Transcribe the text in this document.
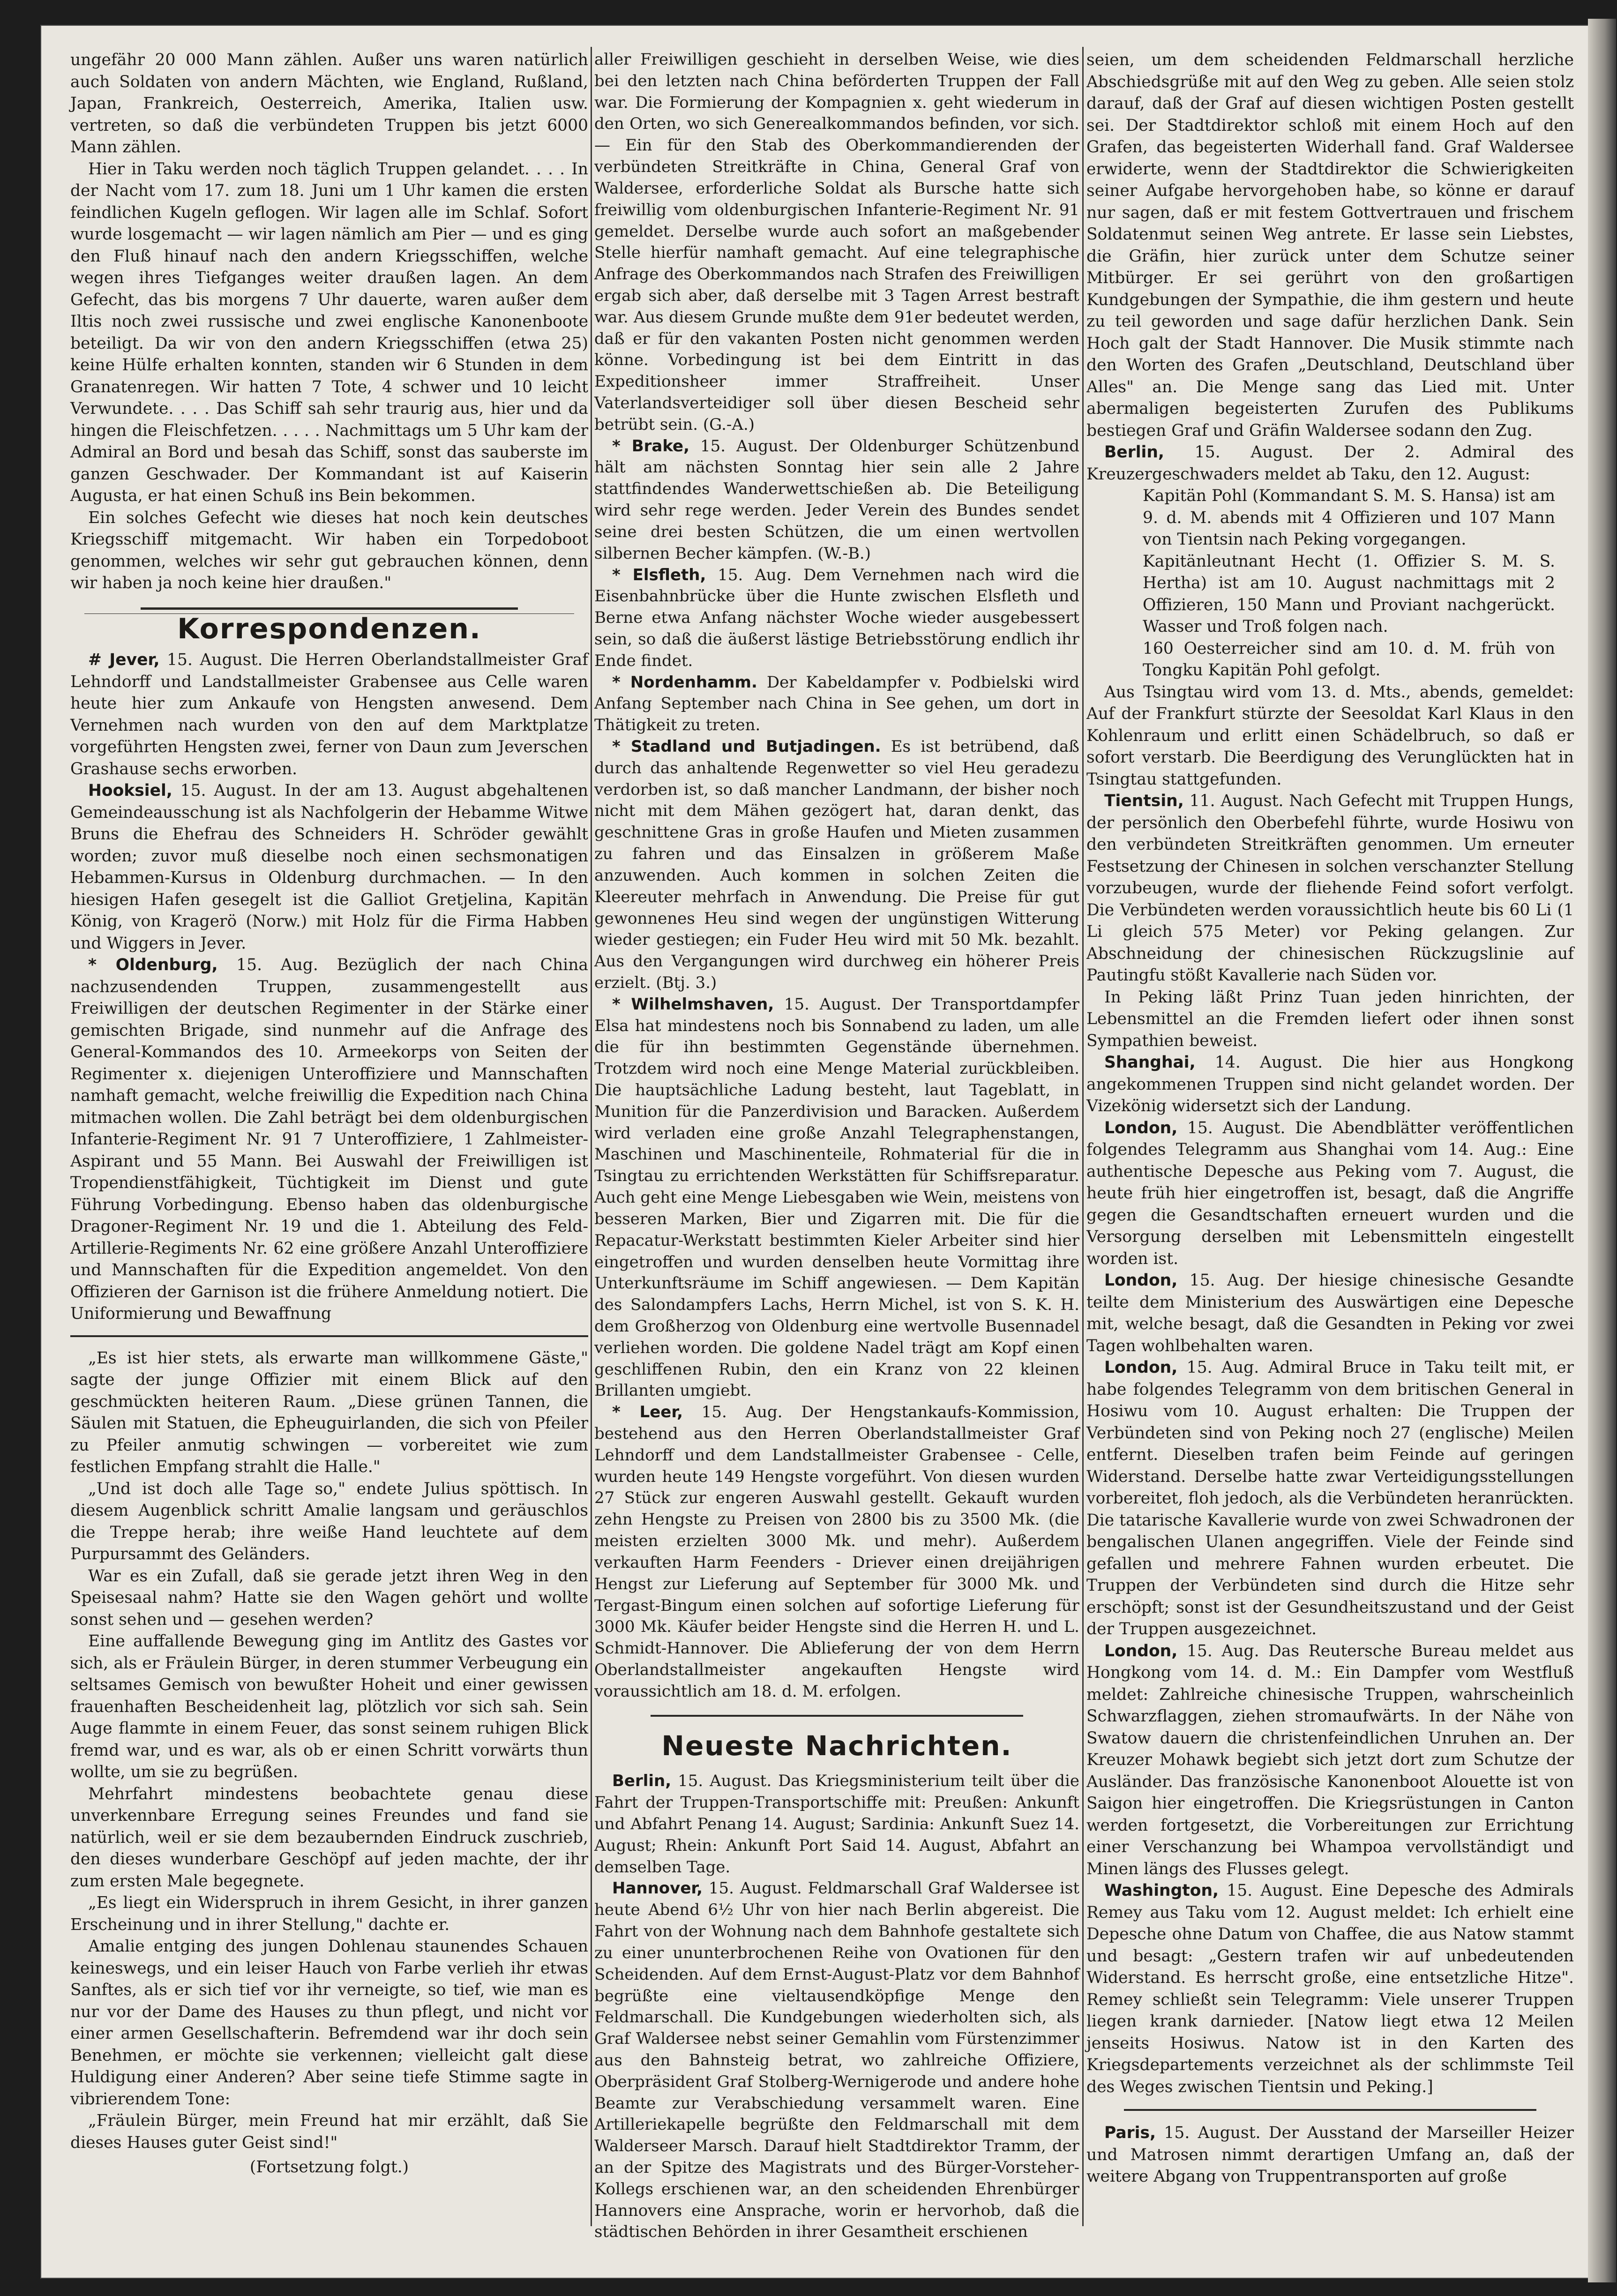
ungefähr 20 000 Mann zählen. Außer uns waren natürlich auch Soldaten von andern Mächten, wie England, Rußland, Japan, Frankreich, Oesterreich, Amerika, Italien usw. vertreten, so daß die verbündeten Truppen bis jetzt 6000 Mann zählen.

Hier in Taku werden noch täglich Truppen gelandet. . . . In der Nacht vom 17. zum 18. Juni um 1 Uhr kamen die ersten feindlichen Kugeln geflogen. Wir lagen alle im Schlaf. Sofort wurde losgemacht — wir lagen nämlich am Pier — und es ging den Fluß hinauf nach den andern Kriegsschiffen, welche wegen ihres Tiefganges weiter draußen lagen. An dem Gefecht, das bis morgens 7 Uhr dauerte, waren außer dem Iltis noch zwei russische und zwei englische Kanonenboote beteiligt. Da wir von den andern Kriegsschiffen (etwa 25) keine Hülfe erhalten konnten, standen wir 6 Stunden in dem Granatenregen. Wir hatten 7 Tote, 4 schwer und 10 leicht Verwundete. . . . Das Schiff sah sehr traurig aus, hier und da hingen die Fleischfetzen. . . . . Nachmittags um 5 Uhr kam der Admiral an Bord und besah das Schiff, sonst das sauberste im ganzen Geschwader. Der Kommandant ist auf Kaiserin Augusta, er hat einen Schuß ins Bein bekommen.

Ein solches Gefecht wie dieses hat noch kein deutsches Kriegsschiff mitgemacht. Wir haben ein Torpedoboot genommen, welches wir sehr gut gebrauchen können, denn wir haben ja noch keine hier draußen."

Korrespondenzen.

# Jever, 15. August. Die Herren Oberlandstallmeister Graf Lehndorff und Landstallmeister Grabensee aus Celle waren heute hier zum Ankaufe von Hengsten anwesend. Dem Vernehmen nach wurden von den auf dem Marktplatze vorgeführten Hengsten zwei, ferner von Daun zum Jeverschen Grashause sechs erworben.

Hooksiel, 15. August. In der am 13. August abgehaltenen Gemeindeausschung ist als Nachfolgerin der Hebamme Witwe Bruns die Ehefrau des Schneiders H. Schröder gewählt worden; zuvor muß dieselbe noch einen sechsmonatigen Hebammen-Kursus in Oldenburg durchmachen. — In den hiesigen Hafen gesegelt ist die Galliot Gretjelina, Kapitän König, von Kragerö (Norw.) mit Holz für die Firma Habben und Wiggers in Jever.

* Oldenburg, 15. Aug. Bezüglich der nach China nachzusendenden Truppen, zusammengestellt aus Freiwilligen der deutschen Regimenter in der Stärke einer gemischten Brigade, sind nunmehr auf die Anfrage des General-Kommandos des 10. Armeekorps von Seiten der Regimenter x. diejenigen Unteroffiziere und Mannschaften namhaft gemacht, welche freiwillig die Expedition nach China mitmachen wollen. Die Zahl beträgt bei dem oldenburgischen Infanterie-Regiment Nr. 91 7 Unteroffiziere, 1 Zahlmeister-Aspirant und 55 Mann. Bei Auswahl der Freiwilligen ist Tropendienstfähigkeit, Tüchtigkeit im Dienst und gute Führung Vorbedingung. Ebenso haben das oldenburgische Dragoner-Regiment Nr. 19 und die 1. Abteilung des Feld-Artillerie-Regiments Nr. 62 eine größere Anzahl Unteroffiziere und Mannschaften für die Expedition angemeldet. Von den Offizieren der Garnison ist die frühere Anmeldung notiert. Die Uniformierung und Bewaffnung

„Es ist hier stets, als erwarte man willkommene Gäste," sagte der junge Offizier mit einem Blick auf den geschmückten heiteren Raum. „Diese grünen Tannen, die Säulen mit Statuen, die Epheuguirlanden, die sich von Pfeiler zu Pfeiler anmutig schwingen — vorbereitet wie zum festlichen Empfang strahlt die Halle."

„Und ist doch alle Tage so," endete Julius spöttisch. In diesem Augenblick schritt Amalie langsam und geräuschlos die Treppe herab; ihre weiße Hand leuchtete auf dem Purpursammt des Geländers.

War es ein Zufall, daß sie gerade jetzt ihren Weg in den Speisesaal nahm? Hatte sie den Wagen gehört und wollte sonst sehen und — gesehen werden?

Eine auffallende Bewegung ging im Antlitz des Gastes vor sich, als er Fräulein Bürger, in deren stummer Verbeugung ein seltsames Gemisch von bewußter Hoheit und einer gewissen frauenhaften Bescheidenheit lag, plötzlich vor sich sah. Sein Auge flammte in einem Feuer, das sonst seinem ruhigen Blick fremd war, und es war, als ob er einen Schritt vorwärts thun wollte, um sie zu begrüßen.

Mehrfahrt mindestens beobachtete genau diese unverkennbare Erregung seines Freundes und fand sie natürlich, weil er sie dem bezaubernden Eindruck zuschrieb, den dieses wunderbare Geschöpf auf jeden machte, der ihr zum ersten Male begegnete.

„Es liegt ein Widerspruch in ihrem Gesicht, in ihrer ganzen Erscheinung und in ihrer Stellung," dachte er.

Amalie entging des jungen Dohlenau staunendes Schauen keineswegs, und ein leiser Hauch von Farbe verlieh ihr etwas Sanftes, als er sich tief vor ihr verneigte, so tief, wie man es nur vor der Dame des Hauses zu thun pflegt, und nicht vor einer armen Gesellschafterin. Befremdend war ihr doch sein Benehmen, er möchte sie verkennen; vielleicht galt diese Huldigung einer Anderen? Aber seine tiefe Stimme sagte in vibrierendem Tone:

„Fräulein Bürger, mein Freund hat mir erzählt, daß Sie dieses Hauses guter Geist sind!"

(Fortsetzung folgt.)

aller Freiwilligen geschieht in derselben Weise, wie dies bei den letzten nach China beförderten Truppen der Fall war. Die Formierung der Kompagnien x. geht wiederum in den Orten, wo sich Generealkommandos befinden, vor sich. — Ein für den Stab des Oberkommandierenden der verbündeten Streitkräfte in China, General Graf von Waldersee, erforderliche Soldat als Bursche hatte sich freiwillig vom oldenburgischen Infanterie-Regiment Nr. 91 gemeldet. Derselbe wurde auch sofort an maßgebender Stelle hierfür namhaft gemacht. Auf eine telegraphische Anfrage des Oberkommandos nach Strafen des Freiwilligen ergab sich aber, daß derselbe mit 3 Tagen Arrest bestraft war. Aus diesem Grunde mußte dem 91er bedeutet werden, daß er für den vakanten Posten nicht genommen werden könne. Vorbedingung ist bei dem Eintritt in das Expeditionsheer immer Straffreiheit. Unser Vaterlandsverteidiger soll über diesen Bescheid sehr betrübt sein. (G.-A.)

* Brake, 15. August. Der Oldenburger Schützenbund hält am nächsten Sonntag hier sein alle 2 Jahre stattfindendes Wanderwettschießen ab. Die Beteiligung wird sehr rege werden. Jeder Verein des Bundes sendet seine drei besten Schützen, die um einen wertvollen silbernen Becher kämpfen. (W.-B.)

* Elsfleth, 15. Aug. Dem Vernehmen nach wird die Eisenbahnbrücke über die Hunte zwischen Elsfleth und Berne etwa Anfang nächster Woche wieder ausgebessert sein, so daß die äußerst lästige Betriebsstörung endlich ihr Ende findet.

* Nordenhamm. Der Kabeldampfer v. Podbielski wird Anfang September nach China in See gehen, um dort in Thätigkeit zu treten.

* Stadland und Butjadingen. Es ist betrübend, daß durch das anhaltende Regenwetter so viel Heu geradezu verdorben ist, so daß mancher Landmann, der bisher noch nicht mit dem Mähen gezögert hat, daran denkt, das geschnittene Gras in große Haufen und Mieten zusammen zu fahren und das Einsalzen in größerem Maße anzuwenden. Auch kommen in solchen Zeiten die Kleereuter mehrfach in Anwendung. Die Preise für gut gewonnenes Heu sind wegen der ungünstigen Witterung wieder gestiegen; ein Fuder Heu wird mit 50 Mk. bezahlt. Aus den Vergangungen wird durchweg ein höherer Preis erzielt. (Btj. 3.)

* Wilhelmshaven, 15. August. Der Transportdampfer Elsa hat mindestens noch bis Sonnabend zu laden, um alle die für ihn bestimmten Gegenstände übernehmen. Trotzdem wird noch eine Menge Material zurückbleiben. Die hauptsächliche Ladung besteht, laut Tageblatt, in Munition für die Panzerdivision und Baracken. Außerdem wird verladen eine große Anzahl Telegraphenstangen, Maschinen und Maschinenteile, Rohmaterial für die in Tsingtau zu errichtenden Werkstätten für Schiffsreparatur. Auch geht eine Menge Liebesgaben wie Wein, meistens von besseren Marken, Bier und Zigarren mit. Die für die Repacatur-Werkstatt bestimmten Kieler Arbeiter sind hier eingetroffen und wurden denselben heute Vormittag ihre Unterkunftsräume im Schiff angewiesen. — Dem Kapitän des Salondampfers Lachs, Herrn Michel, ist von S. K. H. dem Großherzog von Oldenburg eine wertvolle Busennadel verliehen worden. Die goldene Nadel trägt am Kopf einen geschliffenen Rubin, den ein Kranz von 22 kleinen Brillanten umgiebt.

* Leer, 15. Aug. Der Hengstankaufs-Kommission, bestehend aus den Herren Oberlandstallmeister Graf Lehndorff und dem Landstallmeister Grabensee - Celle, wurden heute 149 Hengste vorgeführt. Von diesen wurden 27 Stück zur engeren Auswahl gestellt. Gekauft wurden zehn Hengste zu Preisen von 2800 bis zu 3500 Mk. (die meisten erzielten 3000 Mk. und mehr). Außerdem verkauften Harm Feenders - Driever einen dreijährigen Hengst zur Lieferung auf September für 3000 Mk. und Tergast-Bingum einen solchen auf sofortige Lieferung für 3000 Mk. Käufer beider Hengste sind die Herren H. und L. Schmidt-Hannover. Die Ablieferung der von dem Herrn Oberlandstallmeister angekauften Hengste wird voraussichtlich am 18. d. M. erfolgen.

Neueste Nachrichten.

Berlin, 15. August. Das Kriegsministerium teilt über die Fahrt der Truppen-Transportschiffe mit: Preußen: Ankunft und Abfahrt Penang 14. August; Sardinia: Ankunft Suez 14. August; Rhein: Ankunft Port Said 14. August, Abfahrt an demselben Tage.

Hannover, 15. August. Feldmarschall Graf Waldersee ist heute Abend 6½ Uhr von hier nach Berlin abgereist. Die Fahrt von der Wohnung nach dem Bahnhofe gestaltete sich zu einer ununterbrochenen Reihe von Ovationen für den Scheidenden. Auf dem Ernst-August-Platz vor dem Bahnhof begrüßte eine vieltausendköpfige Menge den Feldmarschall. Die Kundgebungen wiederholten sich, als Graf Waldersee nebst seiner Gemahlin vom Fürstenzimmer aus den Bahnsteig betrat, wo zahlreiche Offiziere, Oberpräsident Graf Stolberg-Wernigerode und andere hohe Beamte zur Verabschiedung versammelt waren. Eine Artilleriekapelle begrüßte den Feldmarschall mit dem Walderseer Marsch. Darauf hielt Stadtdirektor Tramm, der an der Spitze des Magistrats und des Bürger-Vorsteher-Kollegs erschienen war, an den scheidenden Ehrenbürger Hannovers eine Ansprache, worin er hervorhob, daß die städtischen Behörden in ihrer Gesamtheit erschienen

seien, um dem scheidenden Feldmarschall herzliche Abschiedsgrüße mit auf den Weg zu geben. Alle seien stolz darauf, daß der Graf auf diesen wichtigen Posten gestellt sei. Der Stadtdirektor schloß mit einem Hoch auf den Grafen, das begeisterten Widerhall fand. Graf Waldersee erwiderte, wenn der Stadtdirektor die Schwierigkeiten seiner Aufgabe hervorgehoben habe, so könne er darauf nur sagen, daß er mit festem Gottvertrauen und frischem Soldatenmut seinen Weg antrete. Er lasse sein Liebstes, die Gräfin, hier zurück unter dem Schutze seiner Mitbürger. Er sei gerührt von den großartigen Kundgebungen der Sympathie, die ihm gestern und heute zu teil geworden und sage dafür herzlichen Dank. Sein Hoch galt der Stadt Hannover. Die Musik stimmte nach den Worten des Grafen „Deutschland, Deutschland über Alles" an. Die Menge sang das Lied mit. Unter abermaligen begeisterten Zurufen des Publikums bestiegen Graf und Gräfin Waldersee sodann den Zug.

Berlin, 15. August. Der 2. Admiral des Kreuzergeschwaders meldet ab Taku, den 12. August:

Kapitän Pohl (Kommandant S. M. S. Hansa) ist am 9. d. M. abends mit 4 Offizieren und 107 Mann von Tientsin nach Peking vorgegangen.

Kapitänleutnant Hecht (1. Offizier S. M. S. Hertha) ist am 10. August nachmittags mit 2 Offizieren, 150 Mann und Proviant nachgerückt. Wasser und Troß folgen nach.

160 Oesterreicher sind am 10. d. M. früh von Tongku Kapitän Pohl gefolgt.

Aus Tsingtau wird vom 13. d. Mts., abends, gemeldet: Auf der Frankfurt stürzte der Seesoldat Karl Klaus in den Kohlenraum und erlitt einen Schädelbruch, so daß er sofort verstarb. Die Beerdigung des Verunglückten hat in Tsingtau stattgefunden.

Tientsin, 11. August. Nach Gefecht mit Truppen Hungs, der persönlich den Oberbefehl führte, wurde Hosiwu von den verbündeten Streitkräften genommen. Um erneuter Festsetzung der Chinesen in solchen verschanzter Stellung vorzubeugen, wurde der fliehende Feind sofort verfolgt. Die Verbündeten werden voraussichtlich heute bis 60 Li (1 Li gleich 575 Meter) vor Peking gelangen. Zur Abschneidung der chinesischen Rückzugslinie auf Pautingfu stößt Kavallerie nach Süden vor.

In Peking läßt Prinz Tuan jeden hinrichten, der Lebensmittel an die Fremden liefert oder ihnen sonst Sympathien beweist.

Shanghai, 14. August. Die hier aus Hongkong angekommenen Truppen sind nicht gelandet worden. Der Vizekönig widersetzt sich der Landung.

London, 15. August. Die Abendblätter veröffentlichen folgendes Telegramm aus Shanghai vom 14. Aug.: Eine authentische Depesche aus Peking vom 7. August, die heute früh hier eingetroffen ist, besagt, daß die Angriffe gegen die Gesandtschaften erneuert wurden und die Versorgung derselben mit Lebensmitteln eingestellt worden ist.

London, 15. Aug. Der hiesige chinesische Gesandte teilte dem Ministerium des Auswärtigen eine Depesche mit, welche besagt, daß die Gesandten in Peking vor zwei Tagen wohlbehalten waren.

London, 15. Aug. Admiral Bruce in Taku teilt mit, er habe folgendes Telegramm von dem britischen General in Hosiwu vom 10. August erhalten: Die Truppen der Verbündeten sind von Peking noch 27 (englische) Meilen entfernt. Dieselben trafen beim Feinde auf geringen Widerstand. Derselbe hatte zwar Verteidigungsstellungen vorbereitet, floh jedoch, als die Verbündeten heranrückten. Die tatarische Kavallerie wurde von zwei Schwadronen der bengalischen Ulanen angegriffen. Viele der Feinde sind gefallen und mehrere Fahnen wurden erbeutet. Die Truppen der Verbündeten sind durch die Hitze sehr erschöpft; sonst ist der Gesundheitszustand und der Geist der Truppen ausgezeichnet.

London, 15. Aug. Das Reutersche Bureau meldet aus Hongkong vom 14. d. M.: Ein Dampfer vom Westfluß meldet: Zahlreiche chinesische Truppen, wahrscheinlich Schwarzflaggen, ziehen stromaufwärts. In der Nähe von Swatow dauern die christenfeindlichen Unruhen an. Der Kreuzer Mohawk begiebt sich jetzt dort zum Schutze der Ausländer. Das französische Kanonenboot Alouette ist von Saigon hier eingetroffen. Die Kriegsrüstungen in Canton werden fortgesetzt, die Vorbereitungen zur Errichtung einer Verschanzung bei Whampoa vervollständigt und Minen längs des Flusses gelegt.

Washington, 15. August. Eine Depesche des Admirals Remey aus Taku vom 12. August meldet: Ich erhielt eine Depesche ohne Datum von Chaffee, die aus Natow stammt und besagt: „Gestern trafen wir auf unbedeutenden Widerstand. Es herrscht große, eine entsetzliche Hitze". Remey schließt sein Telegramm: Viele unserer Truppen liegen krank darnieder. [Natow liegt etwa 12 Meilen jenseits Hosiwus. Natow ist in den Karten des Kriegsdepartements verzeichnet als der schlimmste Teil des Weges zwischen Tientsin und Peking.]

Paris, 15. August. Der Ausstand der Marseiller Heizer und Matrosen nimmt derartigen Umfang an, daß der weitere Abgang von Truppentransporten auf große
